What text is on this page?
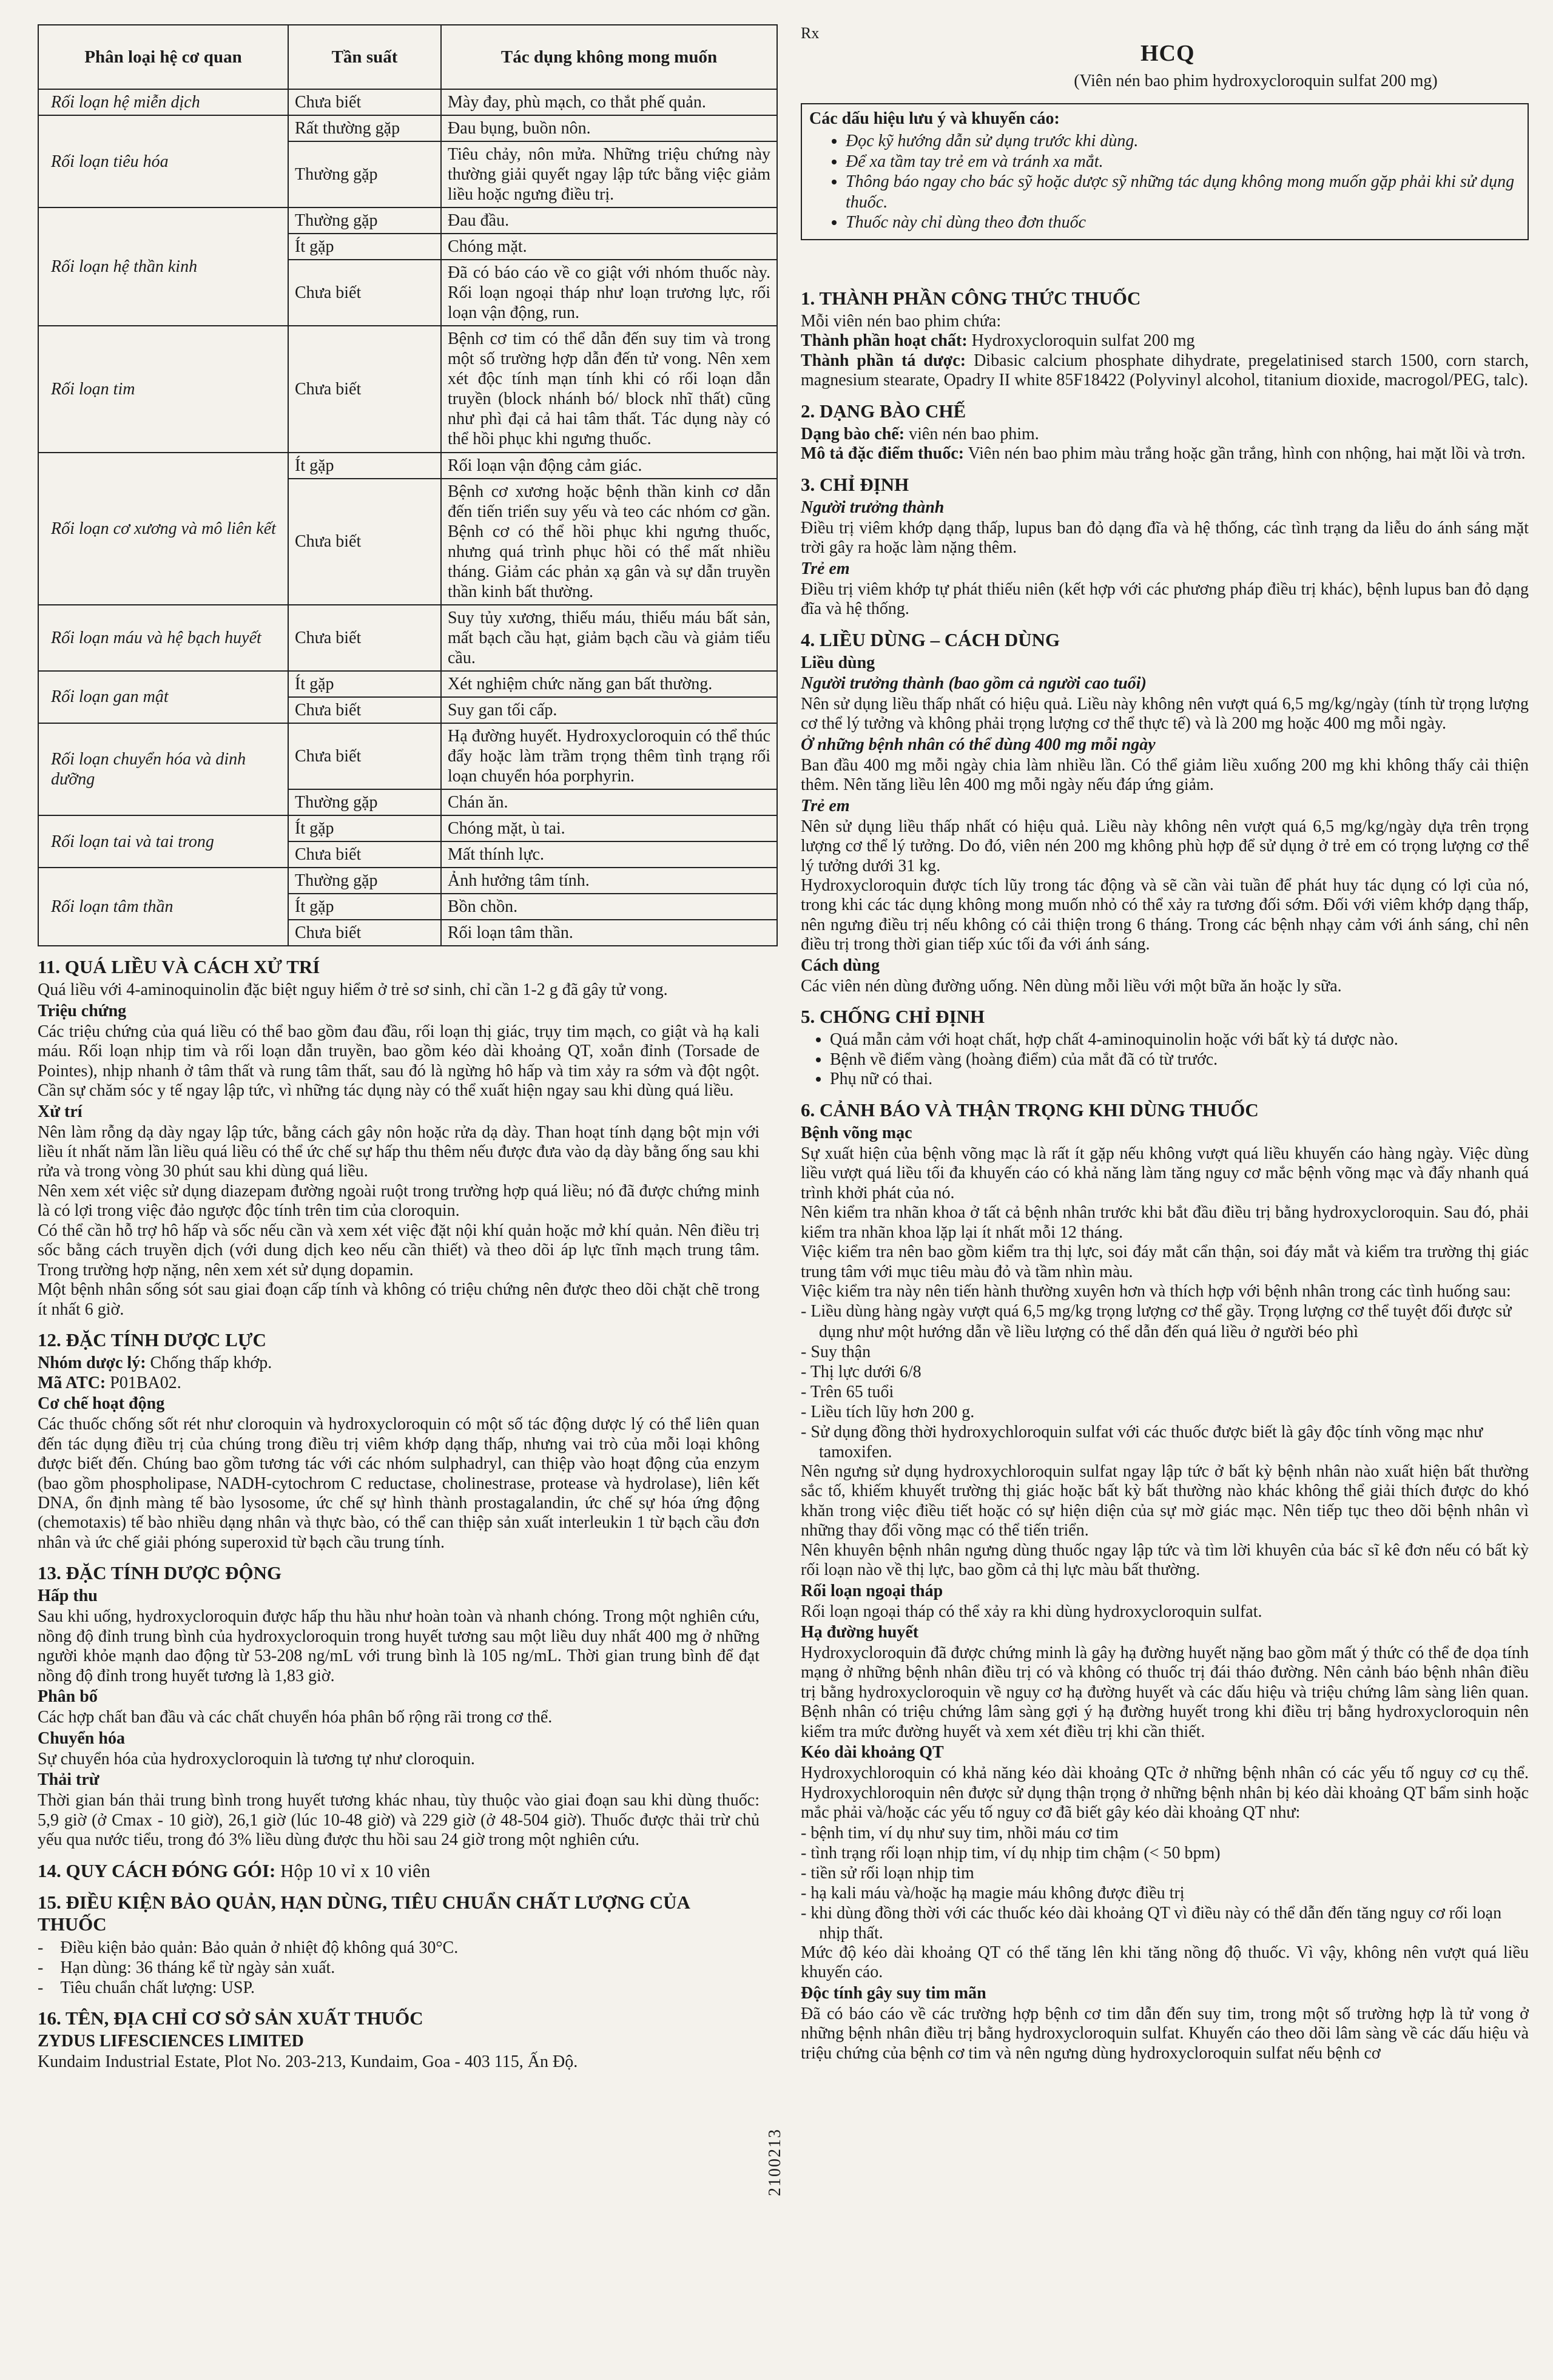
Phân loại hệ cơ quan	Tần suất	Tác dụng không mong muốn
Rối loạn hệ miễn dịch	Chưa biết	Mày đay, phù mạch, co thắt phế quản.
Rối loạn tiêu hóa	Rất thường gặp	Đau bụng, buồn nôn.
	Thường gặp	Tiêu chảy, nôn mửa. Những triệu chứng này thường giải quyết ngay lập tức bằng việc giảm liều hoặc ngưng điều trị.
Rối loạn hệ thần kinh	Thường gặp	Đau đầu.
	Ít gặp	Chóng mặt.
	Chưa biết	Đã có báo cáo về co giật với nhóm thuốc này. Rối loạn ngoại tháp như loạn trương lực, rối loạn vận động, run.
Rối loạn tim	Chưa biết	Bệnh cơ tim có thể dẫn đến suy tim và trong một số trường hợp dẫn đến tử vong. Nên xem xét độc tính mạn tính khi có rối loạn dẫn truyền (block nhánh bó/ block nhĩ thất) cũng như phì đại cả hai tâm thất. Tác dụng này có thể hồi phục khi ngưng thuốc.
Rối loạn cơ xương và mô liên kết	Ít gặp	Rối loạn vận động cảm giác.
	Chưa biết	Bệnh cơ xương hoặc bệnh thần kinh cơ dẫn đến tiến triển suy yếu và teo các nhóm cơ gần. Bệnh cơ có thể hồi phục khi ngưng thuốc, nhưng quá trình phục hồi có thể mất nhiều tháng. Giảm các phản xạ gân và sự dẫn truyền thần kinh bất thường.
Rối loạn máu và hệ bạch huyết	Chưa biết	Suy tủy xương, thiếu máu, thiếu máu bất sản, mất bạch cầu hạt, giảm bạch cầu và giảm tiểu cầu.
Rối loạn gan mật	Ít gặp	Xét nghiệm chức năng gan bất thường.
	Chưa biết	Suy gan tối cấp.
Rối loạn chuyển hóa và dinh dưỡng	Chưa biết	Hạ đường huyết. Hydroxycloroquin có thể thúc đẩy hoặc làm trầm trọng thêm tình trạng rối loạn chuyển hóa porphyrin.
	Thường gặp	Chán ăn.
Rối loạn tai và tai trong	Ít gặp	Chóng mặt, ù tai.
	Chưa biết	Mất thính lực.
Rối loạn tâm thần	Thường gặp	Ảnh hưởng tâm tính.
	Ít gặp	Bồn chồn.
	Chưa biết	Rối loạn tâm thần.
11. QUÁ LIỀU VÀ CÁCH XỬ TRÍ

Quá liều với 4-aminoquinolin đặc biệt nguy hiểm ở trẻ sơ sinh, chỉ cần 1-2 g đã gây tử vong.

Triệu chứng

Các triệu chứng của quá liều có thể bao gồm đau đầu, rối loạn thị giác, trụy tim mạch, co giật và hạ kali máu. Rối loạn nhịp tim và rối loạn dẫn truyền, bao gồm kéo dài khoảng QT, xoắn đỉnh (Torsade de Pointes), nhịp nhanh ở tâm thất và rung tâm thất, sau đó là ngừng hô hấp và tim xảy ra sớm và đột ngột. Cần sự chăm sóc y tế ngay lập tức, vì những tác dụng này có thể xuất hiện ngay sau khi dùng quá liều.

Xử trí

Nên làm rỗng dạ dày ngay lập tức, bằng cách gây nôn hoặc rửa dạ dày. Than hoạt tính dạng bột mịn với liều ít nhất năm lần liều quá liều có thể ức chế sự hấp thu thêm nếu được đưa vào dạ dày bằng ống sau khi rửa và trong vòng 30 phút sau khi dùng quá liều.

Nên xem xét việc sử dụng diazepam đường ngoài ruột trong trường hợp quá liều; nó đã được chứng minh là có lợi trong việc đảo ngược độc tính trên tim của cloroquin.

Có thể cần hỗ trợ hô hấp và sốc nếu cần và xem xét việc đặt nội khí quản hoặc mở khí quản. Nên điều trị sốc bằng cách truyền dịch (với dung dịch keo nếu cần thiết) và theo dõi áp lực tĩnh mạch trung tâm. Trong trường hợp nặng, nên xem xét sử dụng dopamin.

Một bệnh nhân sống sót sau giai đoạn cấp tính và không có triệu chứng nên được theo dõi chặt chẽ trong ít nhất 6 giờ.

12. ĐẶC TÍNH DƯỢC LỰC

Nhóm dược lý: Chống thấp khớp.

Mã ATC: P01BA02.

Cơ chế hoạt động

Các thuốc chống sốt rét như cloroquin và hydroxycloroquin có một số tác động dược lý có thể liên quan đến tác dụng điều trị của chúng trong điều trị viêm khớp dạng thấp, nhưng vai trò của mỗi loại không được biết đến. Chúng bao gồm tương tác với các nhóm sulphadryl, can thiệp vào hoạt động của enzym (bao gồm phospholipase, NADH-cytochrom C reductase, cholinestrase, protease và hydrolase), liên kết DNA, ổn định màng tế bào lysosome, ức chế sự hình thành prostagalandin, ức chế sự hóa ứng động (chemotaxis) tế bào nhiều dạng nhân và thực bào, có thể can thiệp sản xuất interleukin 1 từ bạch cầu đơn nhân và ức chế giải phóng superoxid từ bạch cầu trung tính.

13. ĐẶC TÍNH DƯỢC ĐỘNG
Hấp thu

Sau khi uống, hydroxycloroquin được hấp thu hầu như hoàn toàn và nhanh chóng. Trong một nghiên cứu, nồng độ đỉnh trung bình của hydroxycloroquin trong huyết tương sau một liều duy nhất 400 mg ở những người khỏe mạnh dao động từ 53-208 ng/mL với trung bình là 105 ng/mL. Thời gian trung bình để đạt nồng độ đỉnh trong huyết tương là 1,83 giờ.

Phân bố

Các hợp chất ban đầu và các chất chuyển hóa phân bố rộng rãi trong cơ thể.

Chuyển hóa

Sự chuyển hóa của hydroxycloroquin là tương tự như cloroquin.

Thải trừ

Thời gian bán thải trung bình trong huyết tương khác nhau, tùy thuộc vào giai đoạn sau khi dùng thuốc: 5,9 giờ (ở Cmax - 10 giờ), 26,1 giờ (lúc 10-48 giờ) và 229 giờ (ở 48-504 giờ). Thuốc được thải trừ chủ yếu qua nước tiểu, trong đó 3% liều dùng được thu hồi sau 24 giờ trong một nghiên cứu.

14. QUY CÁCH ĐÓNG GÓI: Hộp 10 vỉ x 10 viên
15. ĐIỀU KIỆN BẢO QUẢN, HẠN DÙNG, TIÊU CHUẨN CHẤT LƯỢNG CỦA THUỐC
-    Điều kiện bảo quản: Bảo quản ở nhiệt độ không quá 30°C.
-    Hạn dùng: 36 tháng kể từ ngày sản xuất.
-    Tiêu chuẩn chất lượng: USP.
16. TÊN, ĐỊA CHỈ CƠ SỞ SẢN XUẤT THUỐC
ZYDUS LIFESCIENCES LIMITED

Kundaim Industrial Estate, Plot No. 203-213, Kundaim, Goa - 403 115, Ấn Độ.

2100213
Rx
HCQ
(Viên nén bao phim hydroxycloroquin sulfat 200 mg)
Các dấu hiệu lưu ý và khuyến cáo:
• Đọc kỹ hướng dẫn sử dụng trước khi dùng.
• Để xa tầm tay trẻ em và tránh xa mắt.
• Thông báo ngay cho bác sỹ hoặc dược sỹ những tác dụng không mong muốn gặp phải khi sử dụng thuốc.
• Thuốc này chỉ dùng theo đơn thuốc
1. THÀNH PHẦN CÔNG THỨC THUỐC

Mỗi viên nén bao phim chứa:

Thành phần hoạt chất: Hydroxycloroquin sulfat 200 mg

Thành phần tá dược: Dibasic calcium phosphate dihydrate, pregelatinised starch 1500, corn starch, magnesium stearate, Opadry II white 85F18422 (Polyvinyl alcohol, titanium dioxide, macrogol/PEG, talc).

2. DẠNG BÀO CHẾ

Dạng bào chế: viên nén bao phim.

Mô tả đặc điểm thuốc: Viên nén bao phim màu trắng hoặc gần trắng, hình con nhộng, hai mặt lồi và trơn.

3. CHỈ ĐỊNH
Người trưởng thành

Điều trị viêm khớp dạng thấp, lupus ban đỏ dạng đĩa và hệ thống, các tình trạng da liễu do ánh sáng mặt trời gây ra hoặc làm nặng thêm.

Trẻ em

Điều trị viêm khớp tự phát thiếu niên (kết hợp với các phương pháp điều trị khác), bệnh lupus ban đỏ dạng đĩa và hệ thống.

4. LIỀU DÙNG – CÁCH DÙNG
Liều dùng
Người trưởng thành (bao gồm cả người cao tuổi)

Nên sử dụng liều thấp nhất có hiệu quả. Liều này không nên vượt quá 6,5 mg/kg/ngày (tính từ trọng lượng cơ thể lý tưởng và không phải trọng lượng cơ thể thực tế) và là 200 mg hoặc 400 mg mỗi ngày.

Ở những bệnh nhân có thể dùng 400 mg mỗi ngày

Ban đầu 400 mg mỗi ngày chia làm nhiều lần. Có thể giảm liều xuống 200 mg khi không thấy cải thiện thêm. Nên tăng liều lên 400 mg mỗi ngày nếu đáp ứng giảm.

Trẻ em

Nên sử dụng liều thấp nhất có hiệu quả. Liều này không nên vượt quá 6,5 mg/kg/ngày dựa trên trọng lượng cơ thể lý tưởng. Do đó, viên nén 200 mg không phù hợp để sử dụng ở trẻ em có trọng lượng cơ thể lý tưởng dưới 31 kg.

Hydroxycloroquin được tích lũy trong tác động và sẽ cần vài tuần để phát huy tác dụng có lợi của nó, trong khi các tác dụng không mong muốn nhỏ có thể xảy ra tương đối sớm. Đối với viêm khớp dạng thấp, nên ngưng điều trị nếu không có cải thiện trong 6 tháng. Trong các bệnh nhạy cảm với ánh sáng, chỉ nên điều trị trong thời gian tiếp xúc tối đa với ánh sáng.

Cách dùng

Các viên nén dùng đường uống. Nên dùng mỗi liều với một bữa ăn hoặc ly sữa.

5. CHỐNG CHỈ ĐỊNH
• Quá mẫn cảm với hoạt chất, hợp chất 4-aminoquinolin hoặc với bất kỳ tá dược nào.
• Bệnh về điểm vàng (hoàng điểm) của mắt đã có từ trước.
• Phụ nữ có thai.
6. CẢNH BÁO VÀ THẬN TRỌNG KHI DÙNG THUỐC
Bệnh võng mạc

Sự xuất hiện của bệnh võng mạc là rất ít gặp nếu không vượt quá liều khuyến cáo hàng ngày. Việc dùng liều vượt quá liều tối đa khuyến cáo có khả năng làm tăng nguy cơ mắc bệnh võng mạc và đẩy nhanh quá trình khởi phát của nó.

Nên kiểm tra nhãn khoa ở tất cả bệnh nhân trước khi bắt đầu điều trị bằng hydroxycloroquin. Sau đó, phải kiểm tra nhãn khoa lặp lại ít nhất mỗi 12 tháng.

Việc kiểm tra nên bao gồm kiểm tra thị lực, soi đáy mắt cẩn thận, soi đáy mắt và kiểm tra trường thị giác trung tâm với mục tiêu màu đỏ và tầm nhìn màu.

Việc kiểm tra này nên tiến hành thường xuyên hơn và thích hợp với bệnh nhân trong các tình huống sau:

- Liều dùng hàng ngày vượt quá 6,5 mg/kg trọng lượng cơ thể gầy. Trọng lượng cơ thể tuyệt đối được sử dụng như một hướng dẫn về liều lượng có thể dẫn đến quá liều ở người béo phì
- Suy thận
- Thị lực dưới 6/8
- Trên 65 tuổi
- Liều tích lũy hơn 200 g.
- Sử dụng đồng thời hydroxychloroquin sulfat với các thuốc được biết là gây độc tính võng mạc như tamoxifen.

Nên ngưng sử dụng hydroxychloroquin sulfat ngay lập tức ở bất kỳ bệnh nhân nào xuất hiện bất thường sắc tố, khiếm khuyết trường thị giác hoặc bất kỳ bất thường nào khác không thể giải thích được do khó khăn trong việc điều tiết hoặc có sự hiện diện của sự mờ giác mạc. Nên tiếp tục theo dõi bệnh nhân vì những thay đổi võng mạc có thể tiến triển.

Nên khuyên bệnh nhân ngưng dùng thuốc ngay lập tức và tìm lời khuyên của bác sĩ kê đơn nếu có bất kỳ rối loạn nào về thị lực, bao gồm cả thị lực màu bất thường.

Rối loạn ngoại tháp

Rối loạn ngoại tháp có thể xảy ra khi dùng hydroxycloroquin sulfat.

Hạ đường huyết

Hydroxycloroquin đã được chứng minh là gây hạ đường huyết nặng bao gồm mất ý thức có thể đe dọa tính mạng ở những bệnh nhân điều trị có và không có thuốc trị đái tháo đường. Nên cảnh báo bệnh nhân điều trị bằng hydroxycloroquin về nguy cơ hạ đường huyết và các dấu hiệu và triệu chứng lâm sàng liên quan. Bệnh nhân có triệu chứng lâm sàng gợi ý hạ đường huyết trong khi điều trị bằng hydroxycloroquin nên kiểm tra mức đường huyết và xem xét điều trị khi cần thiết.

Kéo dài khoảng QT

Hydroxychloroquin có khả năng kéo dài khoảng QTc ở những bệnh nhân có các yếu tố nguy cơ cụ thể. Hydroxychloroquin nên được sử dụng thận trọng ở những bệnh nhân bị kéo dài khoảng QT bẩm sinh hoặc mắc phải và/hoặc các yếu tố nguy cơ đã biết gây kéo dài khoảng QT như:

- bệnh tim, ví dụ như suy tim, nhồi máu cơ tim
- tình trạng rối loạn nhịp tim, ví dụ nhịp tim chậm (< 50 bpm)
- tiền sử rối loạn nhịp tim
- hạ kali máu và/hoặc hạ magie máu không được điều trị
- khi dùng đồng thời với các thuốc kéo dài khoảng QT vì điều này có thể dẫn đến tăng nguy cơ rối loạn nhịp thất.

Mức độ kéo dài khoảng QT có thể tăng lên khi tăng nồng độ thuốc. Vì vậy, không nên vượt quá liều khuyến cáo.

Độc tính gây suy tim mãn

Đã có báo cáo về các trường hợp bệnh cơ tim dẫn đến suy tim, trong một số trường hợp là tử vong ở những bệnh nhân điều trị bằng hydroxycloroquin sulfat. Khuyến cáo theo dõi lâm sàng về các dấu hiệu và triệu chứng của bệnh cơ tim và nên ngưng dùng hydroxycloroquin sulfat nếu bệnh cơ
